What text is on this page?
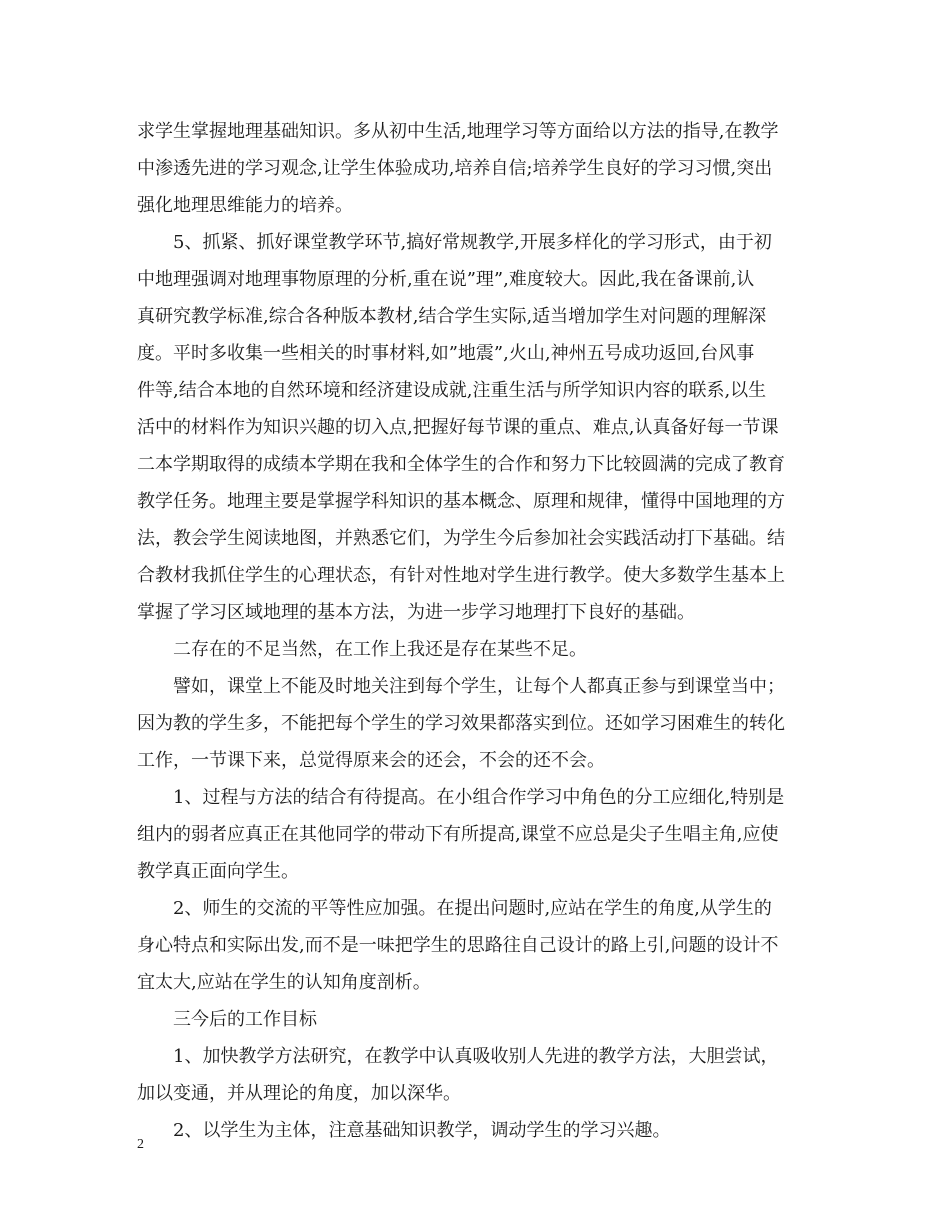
求学生掌握地理基础知识。多从初中生活,地理学习等方面给以方法的指导,在教学
中渗透先进的学习观念,让学生体验成功,培养自信;培养学生良好的学习习惯,突出
强化地理思维能力的培养。
5、抓紧、抓好课堂教学环节,搞好常规教学,开展多样化的学习形式，由于初
中地理强调对地理事物原理的分析,重在说”理”,难度较大。因此,我在备课前,认
真研究教学标准,综合各种版本教材,结合学生实际,适当增加学生对问题的理解深
度。平时多收集一些相关的时事材料,如”地震”,火山,神州五号成功返回,台风事
件等,结合本地的自然环境和经济建设成就,注重生活与所学知识内容的联系,以生
活中的材料作为知识兴趣的切入点,把握好每节课的重点、难点,认真备好每一节课
二本学期取得的成绩本学期在我和全体学生的合作和努力下比较圆满的完成了教育
教学任务。地理主要是掌握学科知识的基本概念、原理和规律，懂得中国地理的方
法，教会学生阅读地图，并熟悉它们，为学生今后参加社会实践活动打下基础。结
合教材我抓住学生的心理状态，有针对性地对学生进行教学。使大多数学生基本上
掌握了学习区域地理的基本方法，为进一步学习地理打下良好的基础。
二存在的不足当然，在工作上我还是存在某些不足。
譬如，课堂上不能及时地关注到每个学生，让每个人都真正参与到课堂当中；
因为教的学生多，不能把每个学生的学习效果都落实到位。还如学习困难生的转化
工作，一节课下来，总觉得原来会的还会，不会的还不会。
1、过程与方法的结合有待提高。在小组合作学习中角色的分工应细化,特别是
组内的弱者应真正在其他同学的带动下有所提高,课堂不应总是尖子生唱主角,应使
教学真正面向学生。
2、师生的交流的平等性应加强。在提出问题时,应站在学生的角度,从学生的
身心特点和实际出发,而不是一味把学生的思路往自己设计的路上引,问题的设计不
宜太大,应站在学生的认知角度剖析。
三今后的工作目标
1、加快教学方法研究，在教学中认真吸收别人先进的教学方法，大胆尝试，
加以变通，并从理论的角度，加以深华。
2、以学生为主体，注意基础知识教学，调动学生的学习兴趣。
2
